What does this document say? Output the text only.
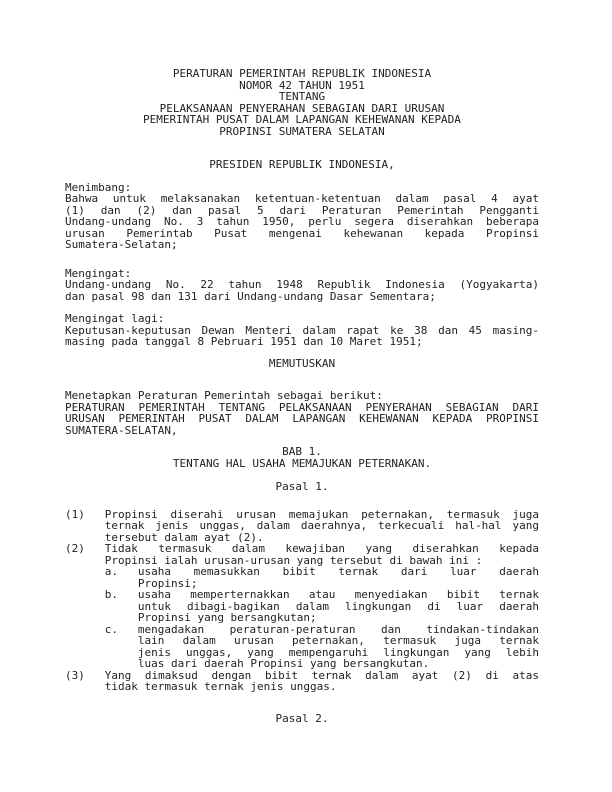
PERATURAN PEMERINTAH REPUBLIK INDONESIA
NOMOR 42 TAHUN 1951
TENTANG
PELAKSANAAN PENYERAHAN SEBAGIAN DARI URUSAN
PEMERINTAH PUSAT DALAM LAPANGAN KEHEWANAN KEPADA
PROPINSI SUMATERA SELATAN
PRESIDEN REPUBLIK INDONESIA,
Menimbang:
Bahwa untuk melaksanakan ketentuan-ketentuan dalam pasal 4 ayat
(1) dan (2) dan pasal 5 dari Peraturan Pemerintah Pengganti
Undang-undang No. 3 tahun 1950, perlu segera diserahkan beberapa
urusan Pemerintab Pusat mengenai kehewanan kepada Propinsi
Sumatera-Selatan;
Mengingat:
Undang-undang No. 22 tahun 1948 Republik Indonesia (Yogyakarta)
dan pasal 98 dan 131 dari Undang-undang Dasar Sementara;
Mengingat lagi:
Keputusan-keputusan Dewan Menteri dalam rapat ke 38 dan 45 masing-
masing pada tanggal 8 Pebruari 1951 dan 10 Maret 1951;
MEMUTUSKAN
Menetapkan Peraturan Pemerintah sebagai berikut:
PERATURAN PEMERINTAH TENTANG PELAKSANAAN PENYERAHAN SEBAGIAN DARI
URUSAN PEMERINTAH PUSAT DALAM LAPANGAN KEHEWANAN KEPADA PROPINSI
SUMATERA-SELATAN,
BAB 1.
TENTANG HAL USAHA MEMAJUKAN PETERNAKAN.
Pasal 1.
(1) Propinsi diserahi urusan memajukan peternakan, termasuk juga
ternak jenis unggas, dalam daerahnya, terkecuali hal-hal yang
tersebut dalam ayat (2).
(2) Tidak termasuk dalam kewajiban yang diserahkan kepada
Propinsi ialah urusan-urusan yang tersebut di bawah ini :
a. usaha memasukkan bibit ternak dari luar daerah
Propinsi;
b. usaha memperternakkan atau menyediakan bibit ternak
untuk dibagi-bagikan dalam lingkungan di luar daerah
Propinsi yang bersangkutan;
c. mengadakan peraturan-peraturan dan tindakan-tindakan
lain dalam urusan peternakan, termasuk juga ternak
jenis unggas, yang mempengaruhi lingkungan yang lebih
luas dari daerah Propinsi yang bersangkutan.
(3) Yang dimaksud dengan bibit ternak dalam ayat (2) di atas
tidak termasuk ternak jenis unggas.
Pasal 2.
